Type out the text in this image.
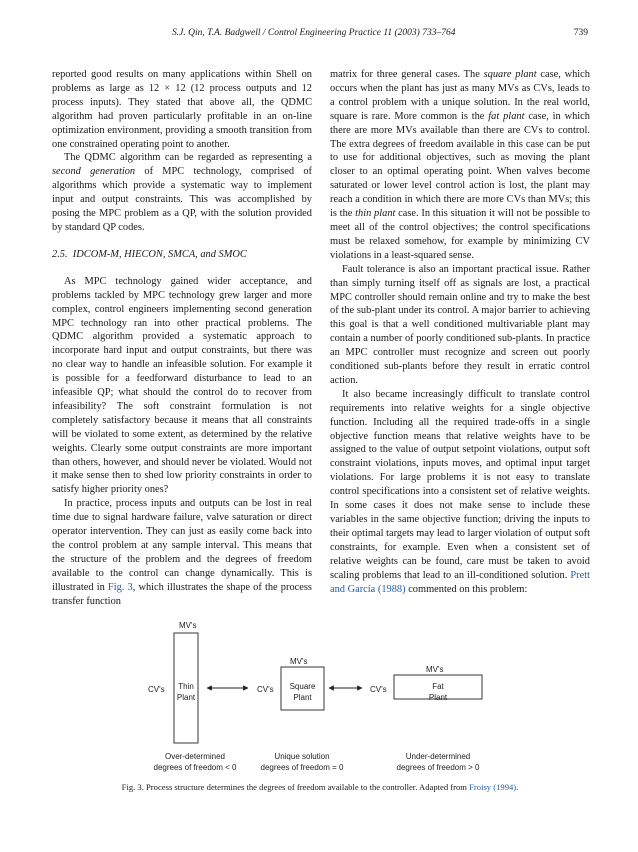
S.J. Qin, T.A. Badgwell / Control Engineering Practice 11 (2003) 733–764	739

reported good results on many applications within Shell on problems as large as 12 × 12 (12 process outputs and 12 process inputs). They stated that above all, the QDMC algorithm had proven particularly profitable in an on-line optimization environment, providing a smooth transition from one constrained operating point to another.

The QDMC algorithm can be regarded as representing a second generation of MPC technology, comprised of algorithms which provide a systematic way to implement input and output constraints. This was accomplished by posing the MPC problem as a QP, with the solution provided by standard QP codes.

2.5. IDCOM-M, HIECON, SMCA, and SMOC

As MPC technology gained wider acceptance, and problems tackled by MPC technology grew larger and more complex, control engineers implementing second generation MPC technology ran into other practical problems. The QDMC algorithm provided a systematic approach to incorporate hard input and output constraints, but there was no clear way to handle an infeasible solution. For example it is possible for a feedforward disturbance to lead to an infeasible QP; what should the control do to recover from infeasibility? The soft constraint formulation is not completely satisfactory because it means that all constraints will be violated to some extent, as determined by the relative weights. Clearly some output constraints are more important than others, however, and should never be violated. Would not it make sense then to shed low priority constraints in order to satisfy higher priority ones?

In practice, process inputs and outputs can be lost in real time due to signal hardware failure, valve saturation or direct operator intervention. They can just as easily come back into the control problem at any sample interval. This means that the structure of the problem and the degrees of freedom available to the control can change dynamically. This is illustrated in Fig. 3, which illustrates the shape of the process transfer function

matrix for three general cases. The square plant case, which occurs when the plant has just as many MVs as CVs, leads to a control problem with a unique solution. In the real world, square is rare. More common is the fat plant case, in which there are more MVs available than there are CVs to control. The extra degrees of freedom available in this case can be put to use for additional objectives, such as moving the plant closer to an optimal operating point. When valves become saturated or lower level control action is lost, the plant may reach a condition in which there are more CVs than MVs; this is the thin plant case. In this situation it will not be possible to meet all of the control objectives; the control specifications must be relaxed somehow, for example by minimizing CV violations in a least-squared sense.

Fault tolerance is also an important practical issue. Rather than simply turning itself off as signals are lost, a practical MPC controller should remain online and try to make the best of the sub-plant under its control. A major barrier to achieving this goal is that a well conditioned multivariable plant may contain a number of poorly conditioned sub-plants. In practice an MPC controller must recognize and screen out poorly conditioned sub-plants before they result in erratic control action.

It also became increasingly difficult to translate control requirements into relative weights for a single objective function. Including all the required trade-offs in a single objective function means that relative weights have to be assigned to the value of output setpoint violations, output soft constraint violations, inputs moves, and optimal input target violations. For large problems it is not easy to translate control specifications into a consistent set of relative weights. In some cases it does not make sense to include these variables in the same objective function; driving the inputs to their optimal targets may lead to larger violation of output soft constraints, for example. Even when a consistent set of relative weights can be found, care must be taken to avoid scaling problems that lead to an ill-conditioned solution. Prett and García (1988) commented on this problem:

MV's
CV's	Thin
Plant
Over-determined
degrees of freedom < 0
MV's
CV's	Square
Plant
Unique solution
degrees of freedom = 0
MV's
CV's	Fat
Plant
Under-determined
degrees of freedom > 0
Fig. 3. Process structure determines the degrees of freedom available to the controller. Adapted from Froisy (1994).
